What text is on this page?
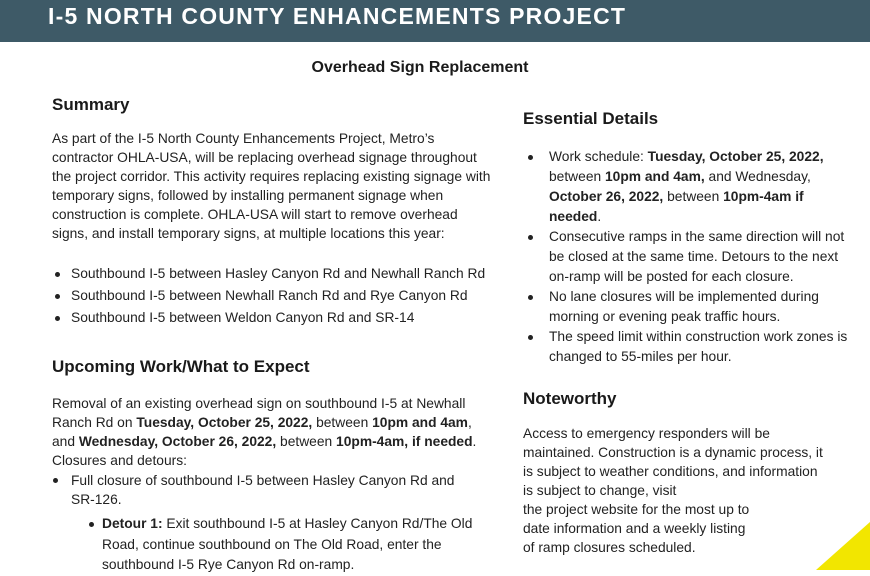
I-5 NORTH COUNTY ENHANCEMENTS PROJECT
Overhead Sign Replacement
Summary

As part of the I-5 North County Enhancements Project, Metro’s contractor OHLA-USA, will be replacing overhead signage throughout the project corridor. This activity requires replacing existing signage with temporary signs, followed by installing permanent signage when construction is complete. OHLA-USA will start to remove overhead signs, and install temporary signs, at multiple locations this year:

Southbound I-5 between Hasley Canyon Rd and Newhall Ranch Rd
Southbound I-5 between Newhall Ranch Rd and Rye Canyon Rd
Southbound I-5 between Weldon Canyon Rd and SR-14
Upcoming Work/What to Expect

Removal of an existing overhead sign on southbound I-5 at Newhall Ranch Rd on Tuesday, October 25, 2022, between 10pm and 4am, and Wednesday, October 26, 2022, between 10pm-4am, if needed. Closures and detours:

Full closure of southbound I-5 between Hasley Canyon Rd and SR-126.
Detour 1: Exit southbound I-5 at Hasley Canyon Rd/The Old Road, continue southbound on The Old Road, enter the southbound I-5 Rye Canyon Rd on-ramp.
Essential Details
Work schedule: Tuesday, October 25, 2022, between 10pm and 4am, and Wednesday, October 26, 2022, between 10pm-4am if needed.
Consecutive ramps in the same direction will not be closed at the same time. Detours to the next on-ramp will be posted for each closure.
No lane closures will be implemented during morning or evening peak traffic hours.
The speed limit within construction work zones is changed to 55-miles per hour.
Noteworthy
Access to emergency responders will be
maintained. Construction is a dynamic process, it
is subject to weather conditions, and information
is subject to change, visit
the project website for the most up to
date information and a weekly listing
of ramp closures scheduled.
